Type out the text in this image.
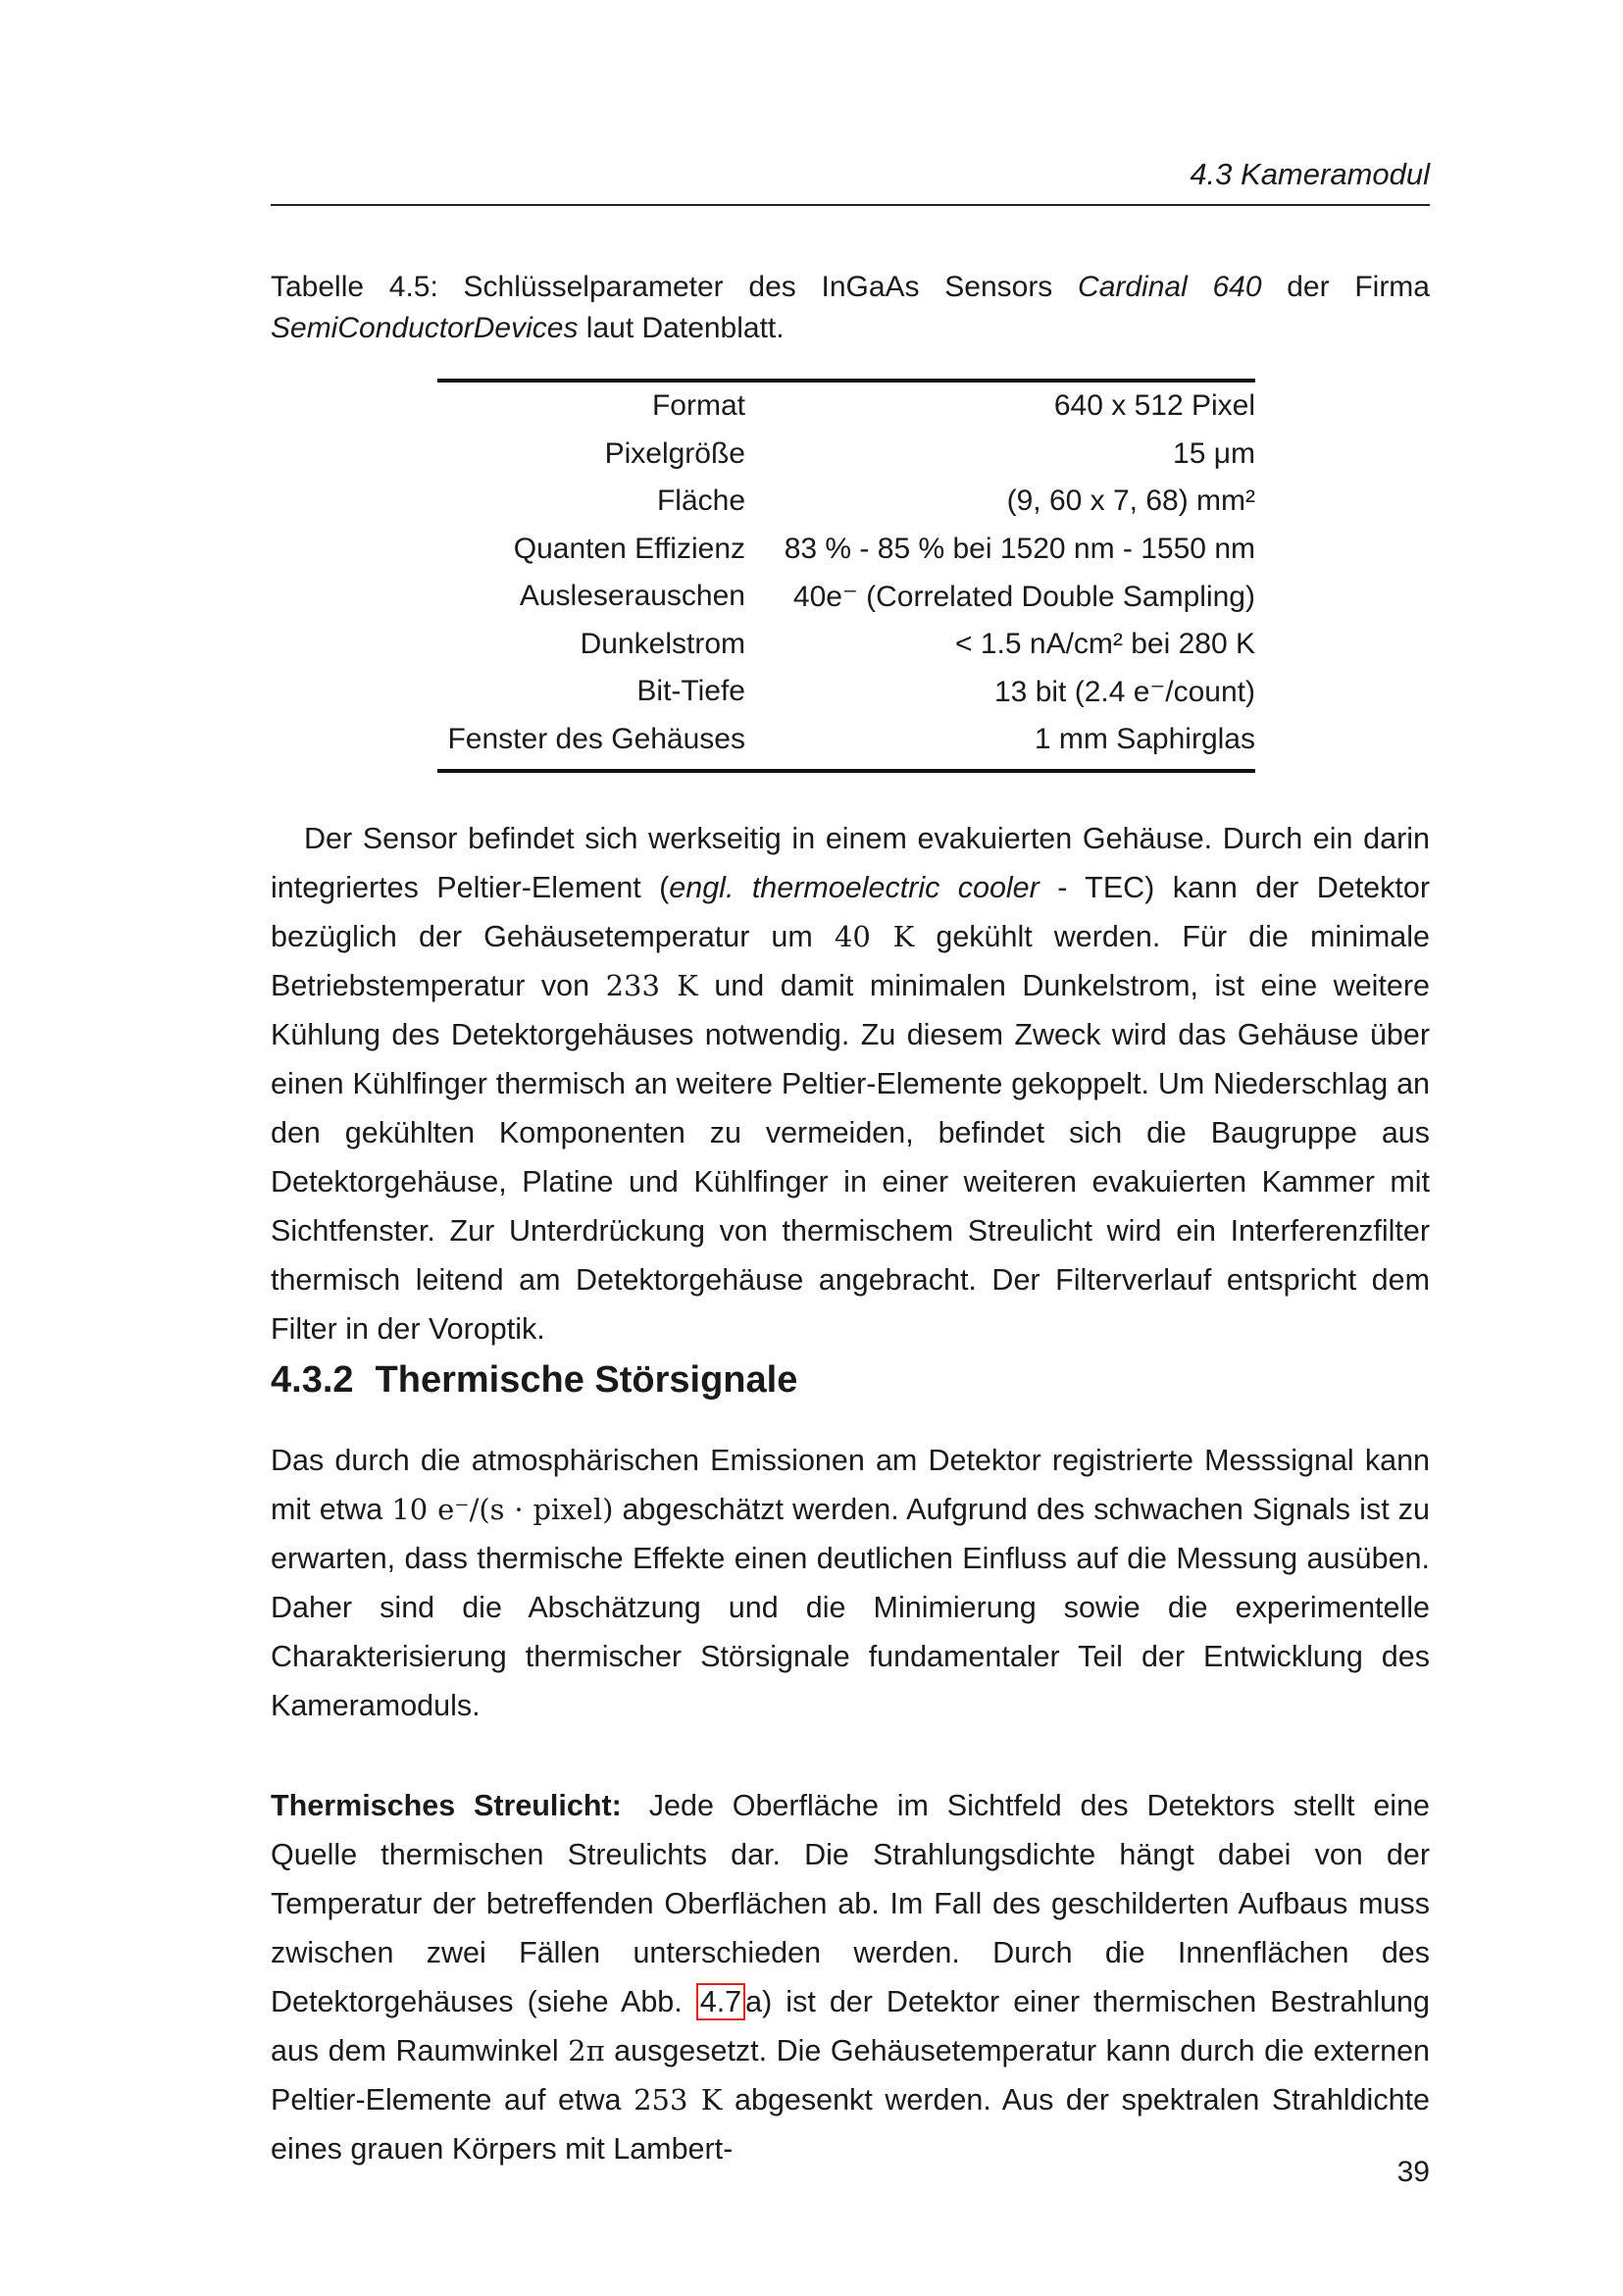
4.3 Kameramodul
Tabelle 4.5: Schlüsselparameter des InGaAs Sensors Cardinal 640 der Firma SemiConductorDevices laut Datenblatt.
Format	640 x 512 Pixel
Pixelgröße	15 μm
Fläche	(9, 60 x 7, 68) mm²
Quanten Effizienz	83 % - 85 % bei 1520 nm - 1550 nm
Ausleserauschen	40e⁻ (Correlated Double Sampling)
Dunkelstrom	< 1.5 nA/cm² bei 280 K
Bit-Tiefe	13 bit (2.4 e⁻/count)
Fenster des Gehäuses	1 mm Saphirglas

Der Sensor befindet sich werkseitig in einem evakuierten Gehäuse. Durch ein darin integriertes Peltier-Element (engl. thermoelectric cooler - TEC) kann der Detektor bezüglich der Gehäusetemperatur um 40 K gekühlt werden. Für die minimale Betriebstemperatur von 233 K und damit minimalen Dunkelstrom, ist eine weitere Kühlung des Detektorgehäuses notwendig. Zu diesem Zweck wird das Gehäuse über einen Kühlfinger thermisch an weitere Peltier-Elemente gekoppelt. Um Niederschlag an den gekühlten Komponenten zu vermeiden, befindet sich die Baugruppe aus Detektorgehäuse, Platine und Kühlfinger in einer weiteren evakuierten Kammer mit Sichtfenster. Zur Unterdrückung von thermischem Streulicht wird ein Interferenzfilter thermisch leitend am Detektorgehäuse angebracht. Der Filterverlauf entspricht dem Filter in der Voroptik.

4.3.2 Thermische Störsignale

Das durch die atmosphärischen Emissionen am Detektor registrierte Messsignal kann mit etwa 10 e⁻/(s · pixel) abgeschätzt werden. Aufgrund des schwachen Signals ist zu erwarten, dass thermische Effekte einen deutlichen Einfluss auf die Messung ausüben. Daher sind die Abschätzung und die Minimierung sowie die experimentelle Charakterisierung thermischer Störsignale fundamentaler Teil der Entwicklung des Kameramoduls.

Thermisches Streulicht: Jede Oberfläche im Sichtfeld des Detektors stellt eine Quelle thermischen Streulichts dar. Die Strahlungsdichte hängt dabei von der Temperatur der betreffenden Oberflächen ab. Im Fall des geschilderten Aufbaus muss zwischen zwei Fällen unterschieden werden. Durch die Innenflächen des Detektorgehäuses (siehe Abb. 4.7 a) ist der Detektor einer thermischen Bestrahlung aus dem Raumwinkel 2π ausgesetzt. Die Gehäusetemperatur kann durch die externen Peltier-Elemente auf etwa 253 K abgesenkt werden. Aus der spektralen Strahldichte eines grauen Körpers mit Lambert-

39
